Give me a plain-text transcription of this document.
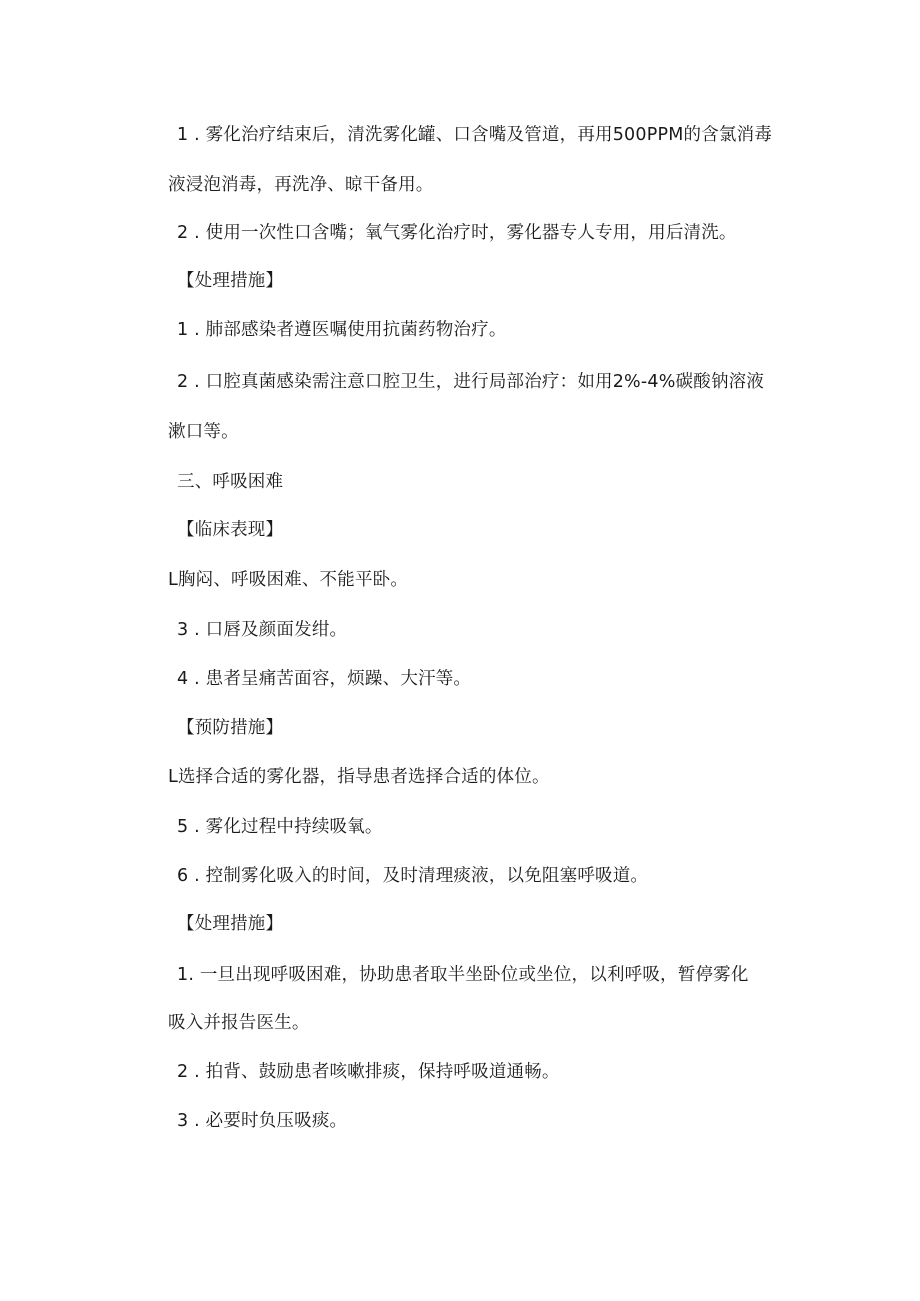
1 . 雾化治疗结束后，清洗雾化罐、口含嘴及管道，再用500PPM的含氯消毒
液浸泡消毒，再洗净、晾干备用。
2 . 使用一次性口含嘴；氧气雾化治疗时，雾化器专人专用，用后清洗。
【处理措施】
1 . 肺部感染者遵医嘱使用抗菌药物治疗。
2 . 口腔真菌感染需注意口腔卫生，进行局部治疗：如用2%-4%碳酸钠溶液
漱口等。
三、呼吸困难
【临床表现】
L胸闷、呼吸困难、不能平卧。
3 . 口唇及颜面发绀。
4 . 患者呈痛苦面容，烦躁、大汗等。
【预防措施】
L选择合适的雾化器，指导患者选择合适的体位。
5 . 雾化过程中持续吸氧。
6 . 控制雾化吸入的时间，及时清理痰液，以免阻塞呼吸道。
【处理措施】
1. 一旦出现呼吸困难，协助患者取半坐卧位或坐位，以利呼吸，暂停雾化
吸入并报告医生。
2 . 拍背、鼓励患者咳嗽排痰，保持呼吸道通畅。
3 . 必要时负压吸痰。
